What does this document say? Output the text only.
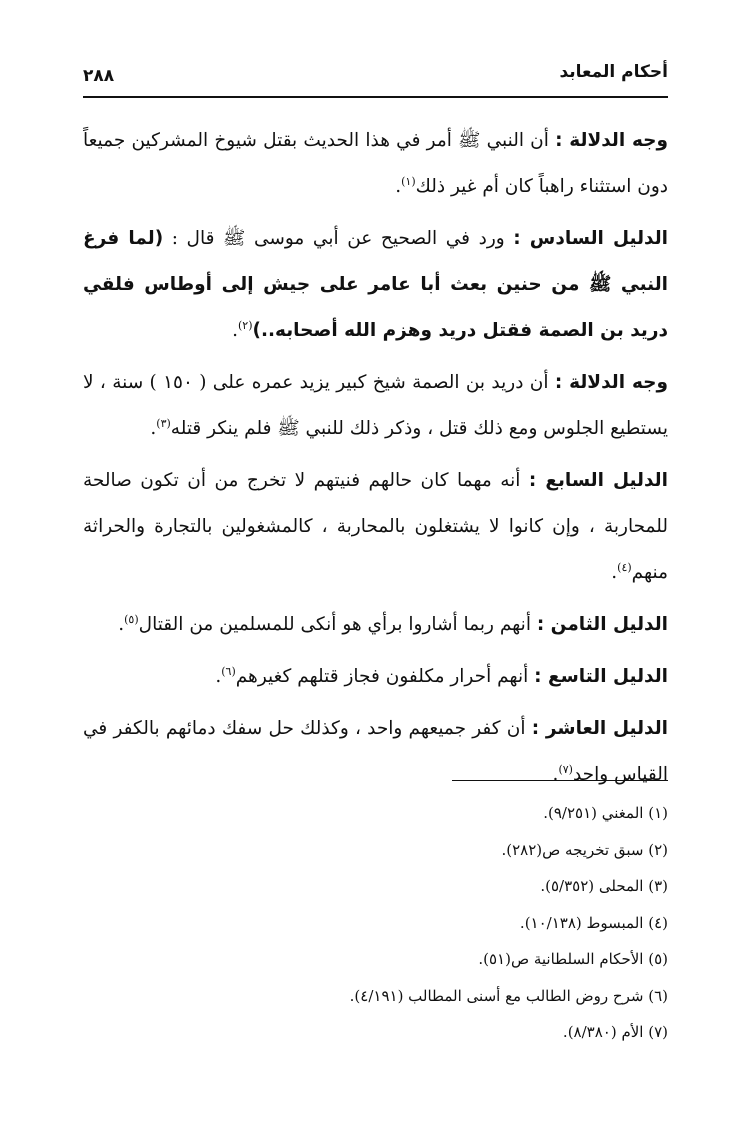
أحكام المعابد
٢٨٨

وجه الدلالة : أن النبي ﷺ أمر في هذا الحديث بقتل شيوخ المشركين جميعاً دون استثناء راهباً كان أم غير ذلك$^{(١)}$.

الدليل السادس : ورد في الصحيح عن أبي موسى ﷺ قال : (لما فرغ النبي ﷺ من حنين بعث أبا عامر على جيش إلى أوطاس فلقي دريد بن الصمة فقتل دريد وهزم الله أصحابه..)$^{(٢)}$.

وجه الدلالة : أن دريد بن الصمة شيخ كبير يزيد عمره على ( ١٥٠ ) سنة ، لا يستطيع الجلوس ومع ذلك قتل ، وذكر ذلك للنبي ﷺ فلم ينكر قتله$^{(٣)}$.

الدليل السابع : أنه مهما كان حالهم فنيتهم لا تخرج من أن تكون صالحة للمحاربة ، وإن كانوا لا يشتغلون بالمحاربة ، كالمشغولين بالتجارة والحراثة منهم$^{(٤)}$.

الدليل الثامن : أنهم ربما أشاروا برأي هو أنكى للمسلمين من القتال$^{(٥)}$.

الدليل التاسع : أنهم أحرار مكلفون فجاز قتلهم كغيرهم$^{(٦)}$.

الدليل العاشر : أن كفر جميعهم واحد ، وكذلك حل سفك دمائهم بالكفر في القياس واحد$^{(٧)}$.

(١) المغني (٩/٢٥١).

(٢) سبق تخريجه ص(٢٨٢).

(٣) المحلى (٥/٣٥٢).

(٤) المبسوط (١٠/١٣٨).

(٥) الأحكام السلطانية ص(٥١).

(٦) شرح روض الطالب مع أسنى المطالب (٤/١٩١).

(٧) الأم (٨/٣٨٠).
